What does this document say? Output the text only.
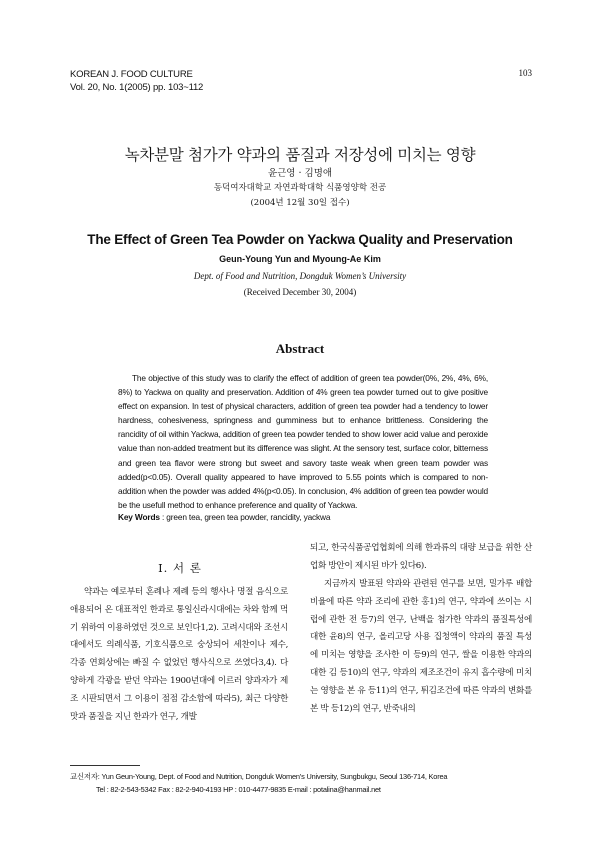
KOREAN J. FOOD CULTURE
Vol. 20, No. 1(2005) pp. 103~112
103
녹차분말 첨가가 약과의 품질과 저장성에 미치는 영향
윤근영 · 김명애
동덕여자대학교 자연과학대학 식품영양학 전공
(2004년 12월 30일 접수)
The Effect of Green Tea Powder on Yackwa Quality and Preservation
Geun-Young Yun and Myoung-Ae Kim
Dept. of Food and Nutrition, Dongduk Women’s University
(Received December 30, 2004)
Abstract

The objective of this study was to clarify the effect of addition of green tea powder(0%, 2%, 4%, 6%, 8%) to Yackwa on quality and preservation. Addition of 4% green tea powder turned out to give positive effect on expansion. In test of physical characters, addition of green tea powder had a tendency to lower hardness, cohesiveness, springness and gumminess but to enhance brittleness. Considering the rancidity of oil within Yackwa, addition of green tea powder tended to show lower acid value and peroxide value than non-added treatment but its difference was slight. At the sensory test, surface color, bitterness and green tea flavor were strong but sweet and savory taste weak when green team powder was added(p<0.05). Overall quality appeared to have improved to 5.55 points which is compared to non-addition when the powder was added 4%(p<0.05). In conclusion, 4% addition of green tea powder would be the usefull method to enhance preference and quality of Yackwa.

Key Words : green tea, green tea powder, rancidity, yackwa
I. 서 론

약과는 예로부터 혼례나 제례 등의 행사나 명절 음식으로 애용되어 온 대표적인 한과로 통일신라시대에는 차와 함께 먹기 위하여 이용하였던 것으로 보인다1,2). 고려시대와 조선시대에서도 의례식품, 기호식품으로 숭상되어 세찬이나 제수, 각종 연회상에는 빠질 수 없었던 행사식으로 쓰였다3,4). 다양하게 각광을 받던 약과는 1900년대에 이르러 양과자가 제조 시판되면서 그 이용이 점점 감소함에 따라5), 최근 다양한 맛과 품질을 지닌 한과가 연구, 개발

되고, 한국식품공업협회에 의해 한과류의 대량 보급을 위한 산업화 방안이 제시된 바가 있다6).

지금까지 발표된 약과와 관련된 연구를 보면, 밀가루 배합비율에 따른 약과 조리에 관한 홍1)의 연구, 약과에 쓰이는 시럽에 관한 전 등7)의 연구, 난백을 첨가한 약과의 품질특성에 대한 윤8)의 연구, 올리고당 사용 집청액이 약과의 품질 특성에 미치는 영향을 조사한 이 등9)의 연구, 쌀을 이용한 약과의 대한 김 등10)의 연구, 약과의 제조조건이 유지 흡수량에 미치는 영향을 본 유 등11)의 연구, 튀김조건에 따른 약과의 변화를 본 박 등12)의 연구, 반죽내의

교신저자: Yun Geun-Young, Dept. of Food and Nutrition, Dongduk Women’s University, Sungbukgu, Seoul 136-714, Korea
Tel : 82-2-543-5342 Fax : 82-2-940-4193 HP : 010-4477-9835 E-mail : potalina@hanmail.net
